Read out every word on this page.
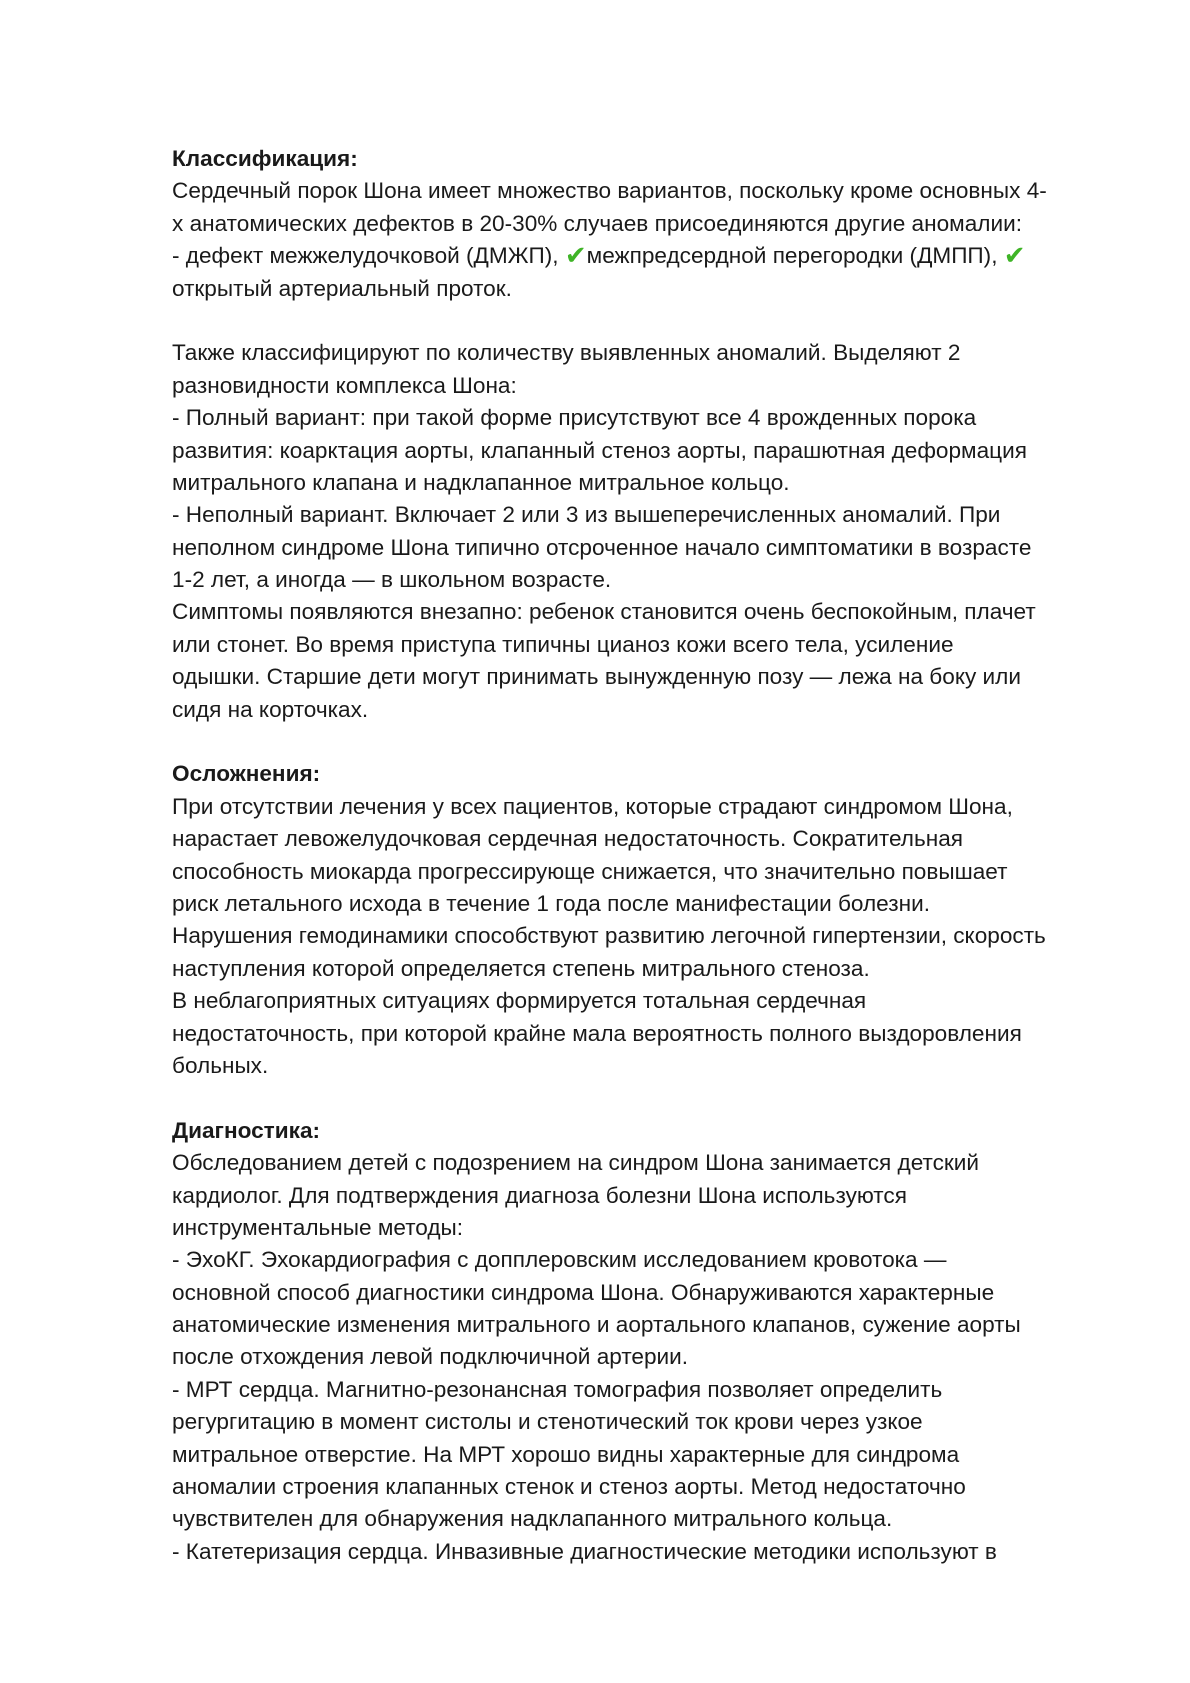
Классификация:
Сердечный порок Шона имеет множество вариантов, поскольку кроме основных 4-
х анатомических дефектов в 20-30% случаев присоединяются другие аномалии:
- дефект межжелудочковой (ДМЖП), ✔межпредсердной перегородки (ДМПП), ✔
открытый артериальный проток.
Также классифицируют по количеству выявленных аномалий. Выделяют 2
разновидности комплекса Шона:
- Полный вариант: при такой форме присутствуют все 4 врожденных порока
развития: коарктация аорты, клапанный стеноз аорты, парашютная деформация
митрального клапана и надклапанное митральное кольцо.
- Неполный вариант. Включает 2 или 3 из вышеперечисленных аномалий. При
неполном синдроме Шона типично отсроченное начало симптоматики в возрасте
1-2 лет, а иногда — в школьном возрасте.
Симптомы появляются внезапно: ребенок становится очень беспокойным, плачет
или стонет. Во время приступа типичны цианоз кожи всего тела, усиление
одышки. Старшие дети могут принимать вынужденную позу — лежа на боку или
сидя на корточках.
Осложнения:
При отсутствии лечения у всех пациентов, которые страдают синдромом Шона,
нарастает левожелудочковая сердечная недостаточность. Сократительная
способность миокарда прогрессирующе снижается, что значительно повышает
риск летального исхода в течение 1 года после манифестации болезни.
Нарушения гемодинамики способствуют развитию легочной гипертензии, скорость
наступления которой определяется степень митрального стеноза.
В неблагоприятных ситуациях формируется тотальная сердечная
недостаточность, при которой крайне мала вероятность полного выздоровления
больных.
Диагностика:
Обследованием детей с подозрением на синдром Шона занимается детский
кардиолог. Для подтверждения диагноза болезни Шона используются
инструментальные методы:
- ЭхоКГ. Эхокардиография с допплеровским исследованием кровотока —
основной способ диагностики синдрома Шона. Обнаруживаются характерные
анатомические изменения митрального и аортального клапанов, сужение аорты
после отхождения левой подключичной артерии.
- МРТ сердца. Магнитно-резонансная томография позволяет определить
регургитацию в момент систолы и стенотический ток крови через узкое
митральное отверстие. На МРТ хорошо видны характерные для синдрома
аномалии строения клапанных стенок и стеноз аорты. Метод недостаточно
чувствителен для обнаружения надклапанного митрального кольца.
- Катетеризация сердца. Инвазивные диагностические методики используют в
